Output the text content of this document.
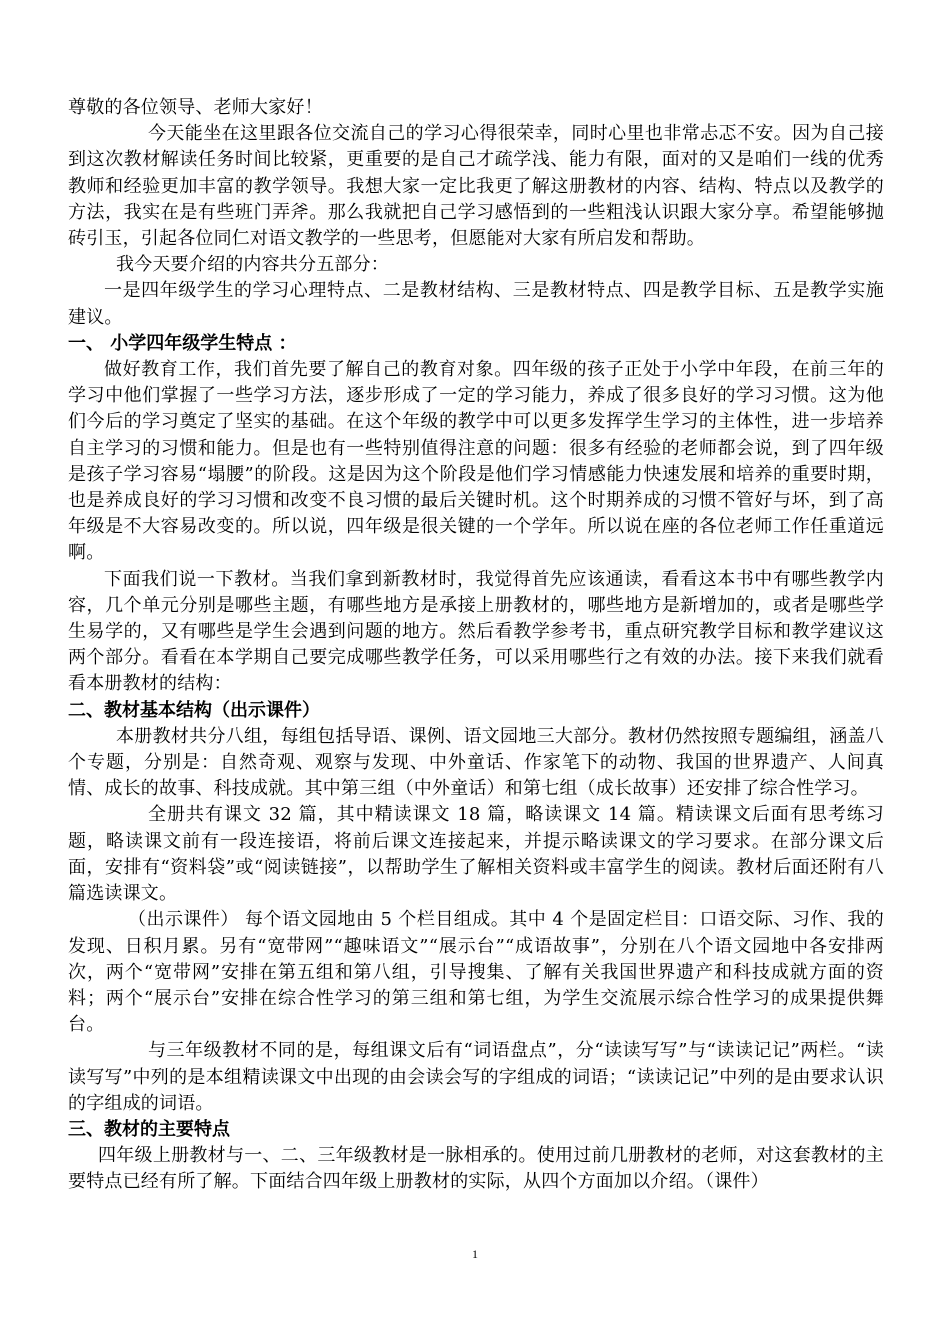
尊敬的各位领导、老师大家好！

今天能坐在这里跟各位交流自己的学习心得很荣幸，同时心里也非常忐忑不安。因为自己接到这次教材解读任务时间比较紧，更重要的是自己才疏学浅、能力有限，面对的又是咱们一线的优秀教师和经验更加丰富的教学领导。我想大家一定比我更了解这册教材的内容、结构、特点以及教学的方法，我实在是有些班门弄斧。那么我就把自己学习感悟到的一些粗浅认识跟大家分享。希望能够抛砖引玉，引起各位同仁对语文教学的一些思考，但愿能对大家有所启发和帮助。

我今天要介绍的内容共分五部分：

一是四年级学生的学习心理特点、二是教材结构、三是教材特点、四是教学目标、五是教学实施建议。

一、 小学四年级学生特点 ：

做好教育工作，我们首先要了解自己的教育对象。四年级的孩子正处于小学中年段，在前三年的学习中他们掌握了一些学习方法，逐步形成了一定的学习能力，养成了很多良好的学习习惯。这为他们今后的学习奠定了坚实的基础。在这个年级的教学中可以更多发挥学生学习的主体性，进一步培养自主学习的习惯和能力。但是也有一些特别值得注意的问题：很多有经验的老师都会说，到了四年级是孩子学习容易“塌腰”的阶段。这是因为这个阶段是他们学习情感能力快速发展和培养的重要时期，也是养成良好的学习习惯和改变不良习惯的最后关键时机。这个时期养成的习惯不管好与坏，到了高年级是不大容易改变的。所以说，四年级是很关键的一个学年。所以说在座的各位老师工作任重道远啊。

下面我们说一下教材。当我们拿到新教材时，我觉得首先应该通读，看看这本书中有哪些教学内容，几个单元分别是哪些主题，有哪些地方是承接上册教材的，哪些地方是新增加的，或者是哪些学生易学的，又有哪些是学生会遇到问题的地方。然后看教学参考书，重点研究教学目标和教学建议这两个部分。看看在本学期自己要完成哪些教学任务，可以采用哪些行之有效的办法。接下来我们就看看本册教材的结构：

二、教材基本结构（出示课件）

本册教材共分八组，每组包括导语、课例、语文园地三大部分。教材仍然按照专题编组，涵盖八个专题，分别是：自然奇观、观察与发现、中外童话、作家笔下的动物、我国的世界遗产、人间真情、成长的故事、科技成就。其中第三组（中外童话）和第七组（成长故事）还安排了综合性学习。

全册共有课文 32 篇，其中精读课文 18 篇，略读课文 14 篇。精读课文后面有思考练习题，略读课文前有一段连接语，将前后课文连接起来，并提示略读课文的学习要求。在部分课文后面，安排有“资料袋”或“阅读链接”，以帮助学生了解相关资料或丰富学生的阅读。教材后面还附有八篇选读课文。

（出示课件） 每个语文园地由 5 个栏目组成。其中 4 个是固定栏目：口语交际、习作、我的发现、日积月累。另有“宽带网”“趣味语文”“展示台”“成语故事”，分别在八个语文园地中各安排两次，两个“宽带网”安排在第五组和第八组，引导搜集、了解有关我国世界遗产和科技成就方面的资料；两个“展示台”安排在综合性学习的第三组和第七组，为学生交流展示综合性学习的成果提供舞台。

与三年级教材不同的是，每组课文后有“词语盘点”，分“读读写写”与“读读记记”两栏。“读读写写”中列的是本组精读课文中出现的由会读会写的字组成的词语；“读读记记”中列的是由要求认识的字组成的词语。

三、教材的主要特点

四年级上册教材与一、二、三年级教材是一脉相承的。使用过前几册教材的老师，对这套教材的主要特点已经有所了解。下面结合四年级上册教材的实际，从四个方面加以介绍。（课件）

1
